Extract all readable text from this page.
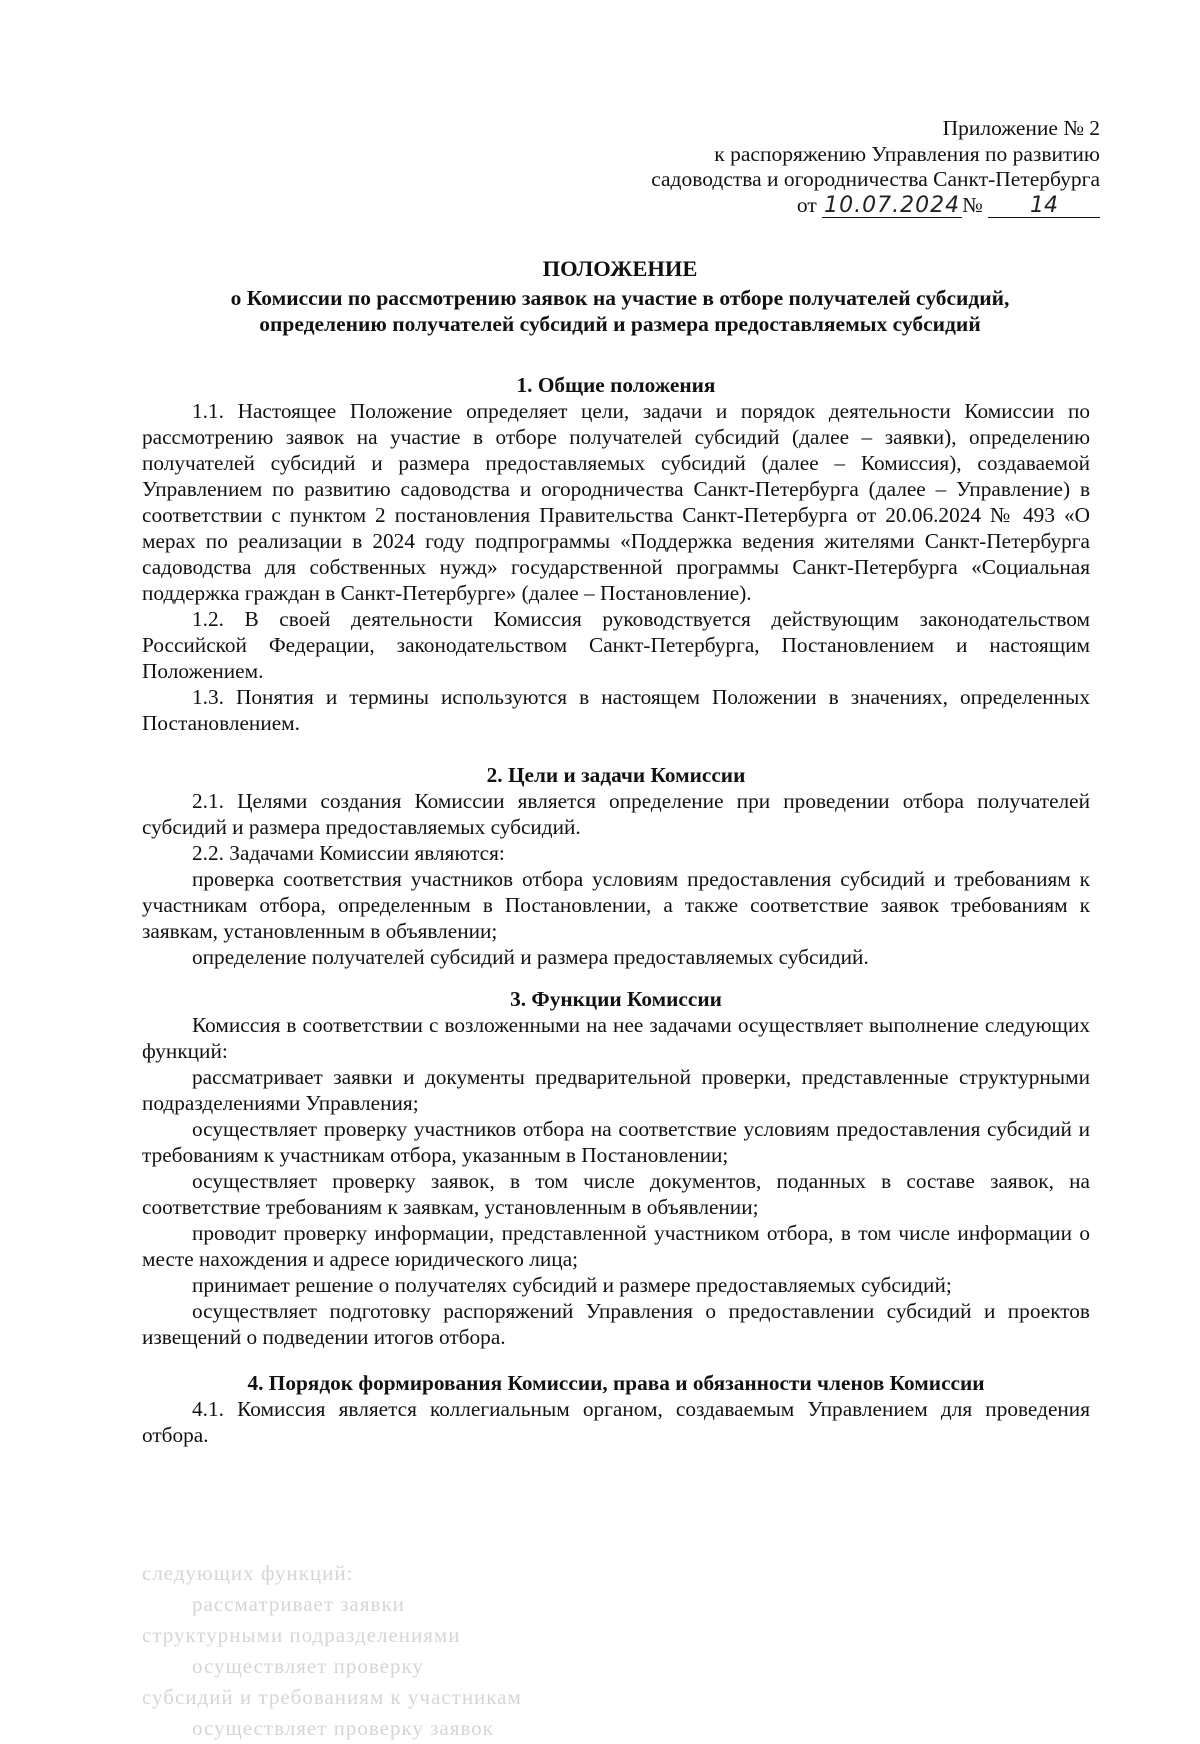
Приложение № 2
к распоряжению Управления по развитию
садоводства и огородничества Санкт-Петербурга
от 10.07.2024№ 14
ПОЛОЖЕНИЕ
о Комиссии по рассмотрению заявок на участие в отборе получателей субсидий,
определению получателей субсидий и размера предоставляемых субсидий
1. Общие положения

1.1. Настоящее Положение определяет цели, задачи и порядок деятельности Комиссии по рассмотрению заявок на участие в отборе получателей субсидий (далее – заявки), определению получателей субсидий и размера предоставляемых субсидий (далее – Комиссия), создаваемой Управлением по развитию садоводства и огородничества Санкт-Петербурга (далее – Управление) в соответствии с пунктом 2 постановления Правительства Санкт-Петербурга от 20.06.2024 № 493 «О мерах по реализации в 2024 году подпрограммы «Поддержка ведения жителями Санкт-Петербурга садоводства для собственных нужд» государственной программы Санкт-Петербурга «Социальная поддержка граждан в Санкт-Петербурге» (далее – Постановление).

1.2. В своей деятельности Комиссия руководствуется действующим законодательством Российской Федерации, законодательством Санкт-Петербурга, Постановлением и настоящим Положением.

1.3. Понятия и термины используются в настоящем Положении в значениях, определенных Постановлением.

2. Цели и задачи Комиссии

2.1. Целями создания Комиссии является определение при проведении отбора получателей субсидий и размера предоставляемых субсидий.

2.2. Задачами Комиссии являются:

проверка соответствия участников отбора условиям предоставления субсидий и требованиям к участникам отбора, определенным в Постановлении, а также соответствие заявок требованиям к заявкам, установленным в объявлении;

определение получателей субсидий и размера предоставляемых субсидий.

3. Функции Комиссии

Комиссия в соответствии с возложенными на нее задачами осуществляет выполнение следующих функций:

рассматривает заявки и документы предварительной проверки, представленные структурными подразделениями Управления;

осуществляет проверку участников отбора на соответствие условиям предоставления субсидий и требованиям к участникам отбора, указанным в Постановлении;

осуществляет проверку заявок, в том числе документов, поданных в составе заявок, на соответствие требованиям к заявкам, установленным в объявлении;

проводит проверку информации, представленной участником отбора, в том числе информации о месте нахождения и адресе юридического лица;

принимает решение о получателях субсидий и размере предоставляемых субсидий;

осуществляет подготовку распоряжений Управления о предоставлении субсидий и проектов извещений о подведении итогов отбора.

4. Порядок формирования Комиссии, права и обязанности членов Комиссии

4.1. Комиссия является коллегиальным органом, создаваемым Управлением для проведения отбора.

следующих функций:
рассматривает заявки
структурными подразделениями
осуществляет проверку
субсидий и требованиям к участникам
осуществляет проверку заявок
